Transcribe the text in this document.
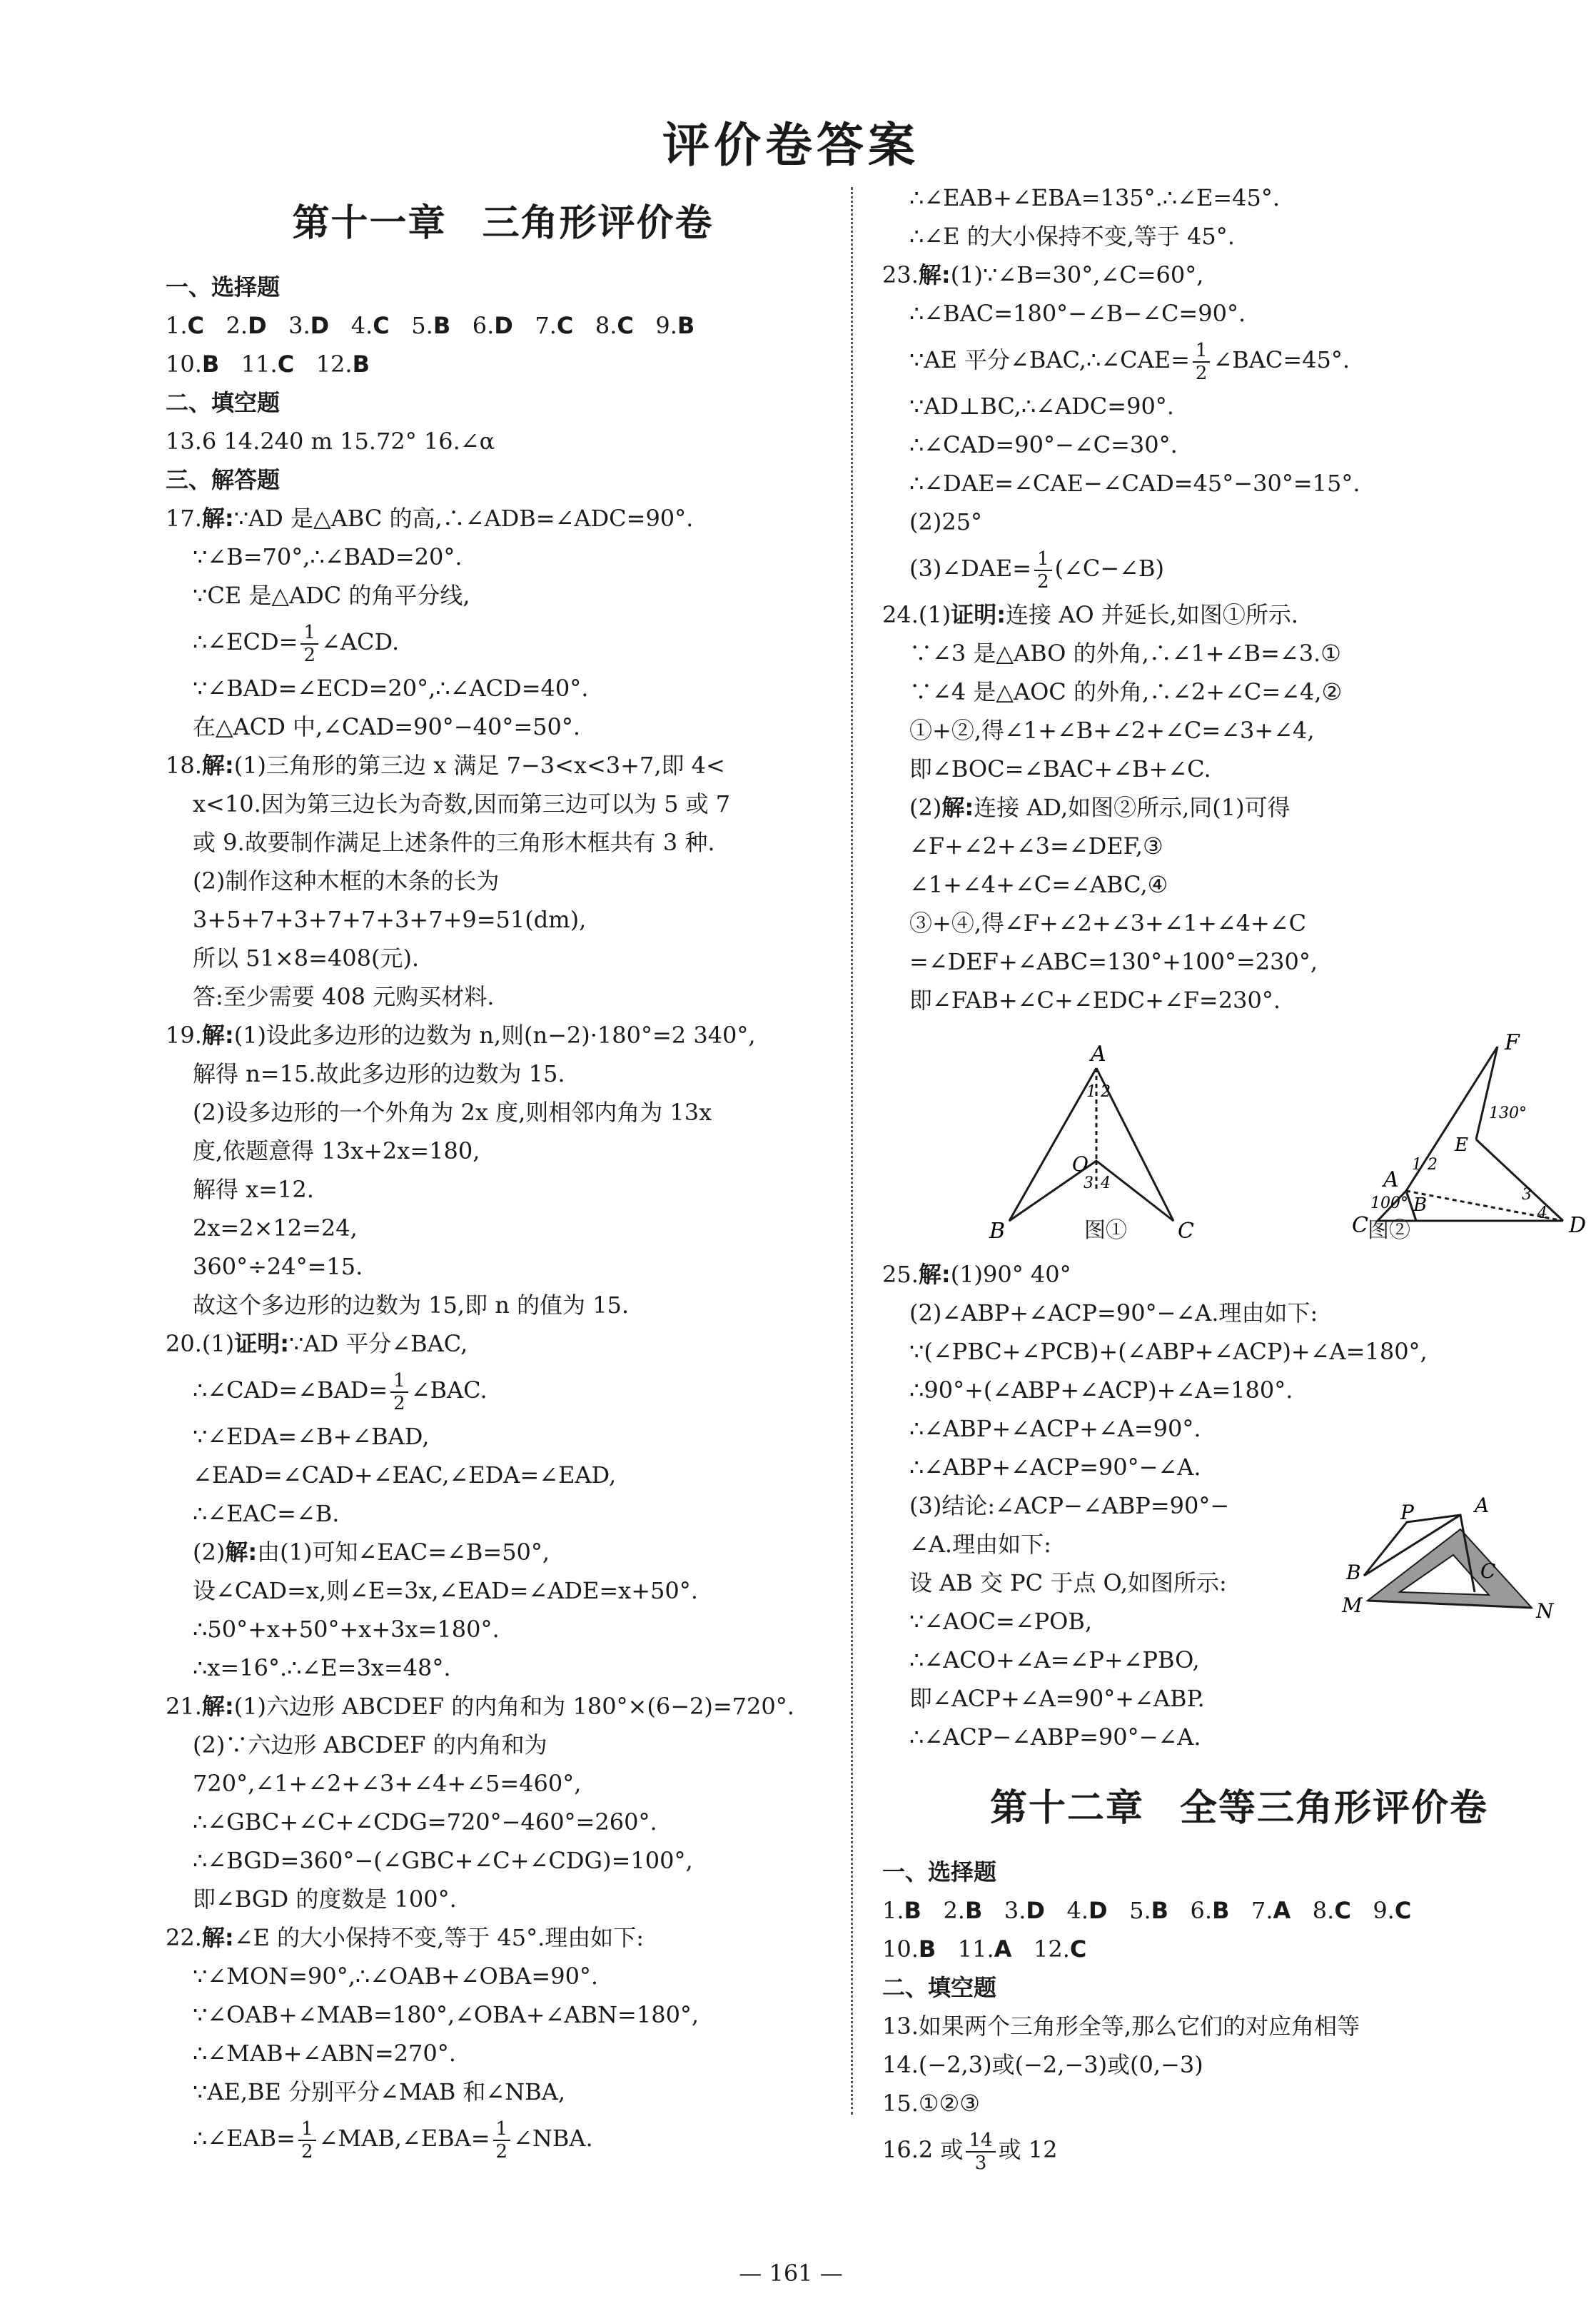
评价卷答案
第十一章 三角形评价卷
一、选择题
1.C 2.D 3.D 4.C 5.B 6.D 7.C 8.C 9.B
10.B 11.C 12.B
二、填空题
13.6 14.240 m 15.72° 16.∠α
三、解答题
17.解:∵AD 是△ABC 的高,∴∠ADB=∠ADC=90°.
∵∠B=70°,∴∠BAD=20°.
∵CE 是△ADC 的角平分线,
∴∠ECD= $\frac{1}{2}$ ∠ACD.
∵∠BAD=∠ECD=20°,∴∠ACD=40°.
在△ACD 中,∠CAD=90°−40°=50°.
18.解:(1)三角形的第三边 x 满足 7−3<x<3+7,即 4<
x<10.因为第三边长为奇数,因而第三边可以为 5 或 7
或 9.故要制作满足上述条件的三角形木框共有 3 种.
(2)制作这种木框的木条的长为
3+5+7+3+7+7+3+7+9=51(dm),
所以 51×8=408(元).
答:至少需要 408 元购买材料.
19.解:(1)设此多边形的边数为 n,则(n−2)·180°=2 340°,
解得 n=15.故此多边形的边数为 15.
(2)设多边形的一个外角为 2x 度,则相邻内角为 13x
度,依题意得 13x+2x=180,
解得 x=12.
2x=2×12=24,
360°÷24°=15.
故这个多边形的边数为 15,即 n 的值为 15.
20.(1)证明:∵AD 平分∠BAC,
∴∠CAD=∠BAD= $\frac{1}{2}$ ∠BAC.
∵∠EDA=∠B+∠BAD,
∠EAD=∠CAD+∠EAC,∠EDA=∠EAD,
∴∠EAC=∠B.
(2)解:由(1)可知∠EAC=∠B=50°,
设∠CAD=x,则∠E=3x,∠EAD=∠ADE=x+50°.
∴50°+x+50°+x+3x=180°.
∴x=16°.∴∠E=3x=48°.
21.解:(1)六边形 ABCDEF 的内角和为 180°×(6−2)=720°.
(2)∵六边形 ABCDEF 的内角和为
720°,∠1+∠2+∠3+∠4+∠5=460°,
∴∠GBC+∠C+∠CDG=720°−460°=260°.
∴∠BGD=360°−(∠GBC+∠C+∠CDG)=100°,
即∠BGD 的度数是 100°.
22.解:∠E 的大小保持不变,等于 45°.理由如下:
∵∠MON=90°,∴∠OAB+∠OBA=90°.
∵∠OAB+∠MAB=180°,∠OBA+∠ABN=180°,
∴∠MAB+∠ABN=270°.
∵AE,BE 分别平分∠MAB 和∠NBA,
∴∠EAB= $\frac{1}{2}$ ∠MAB,∠EBA= $\frac{1}{2}$ ∠NBA.
∴∠EAB+∠EBA=135°.∴∠E=45°.
∴∠E 的大小保持不变,等于 45°.
23.解:(1)∵∠B=30°,∠C=60°,
∴∠BAC=180°−∠B−∠C=90°.
∵AE 平分∠BAC,∴∠CAE= $\frac{1}{2}$ ∠BAC=45°.
∵AD⊥BC,∴∠ADC=90°.
∴∠CAD=90°−∠C=30°.
∴∠DAE=∠CAE−∠CAD=45°−30°=15°.
(2)25°
(3)∠DAE= $\frac{1}{2}$ (∠C−∠B)
24.(1)证明:连接 AO 并延长,如图①所示.
∵∠3 是△ABO 的外角,∴∠1+∠B=∠3.①
∵∠4 是△AOC 的外角,∴∠2+∠C=∠4,②
①+②,得∠1+∠B+∠2+∠C=∠3+∠4,
即∠BOC=∠BAC+∠B+∠C.
(2)解:连接 AD,如图②所示,同(1)可得
∠F+∠2+∠3=∠DEF,③
∠1+∠4+∠C=∠ABC,④
③+④,得∠F+∠2+∠3+∠1+∠4+∠C
=∠DEF+∠ABC=130°+100°=230°,
即∠FAB+∠C+∠EDC+∠F=230°.
A
B	C
O
1 2
3 4
F
A
E
B
C	D
1 2
3
4
130°
100°
图①	图②
25.解:(1)90° 40°
(2)∠ABP+∠ACP=90°−∠A.理由如下:
∵(∠PBC+∠PCB)+(∠ABP+∠ACP)+∠A=180°,
∴90°+(∠ABP+∠ACP)+∠A=180°.
∴∠ABP+∠ACP+∠A=90°.
∴∠ABP+∠ACP=90°−∠A.
(3)结论:∠ACP−∠ABP=90°−
∠A.理由如下:
设 AB 交 PC 于点 O,如图所示:
∵∠AOC=∠POB,
∴∠ACO+∠A=∠P+∠PBO,
即∠ACP+∠A=90°+∠ABP.
∴∠ACP−∠ABP=90°−∠A.
A
P
B	C
M	N
第十二章 全等三角形评价卷
一、选择题
1.B 2.B 3.D 4.D 5.B 6.B 7.A 8.C 9.C
10.B 11.A 12.C
二、填空题
13.如果两个三角形全等,那么它们的对应角相等
14.(−2,3)或(−2,−3)或(0,−3)
15.①②③
16.2 或 $\frac{14}{3}$ 或 12
— 161 —
